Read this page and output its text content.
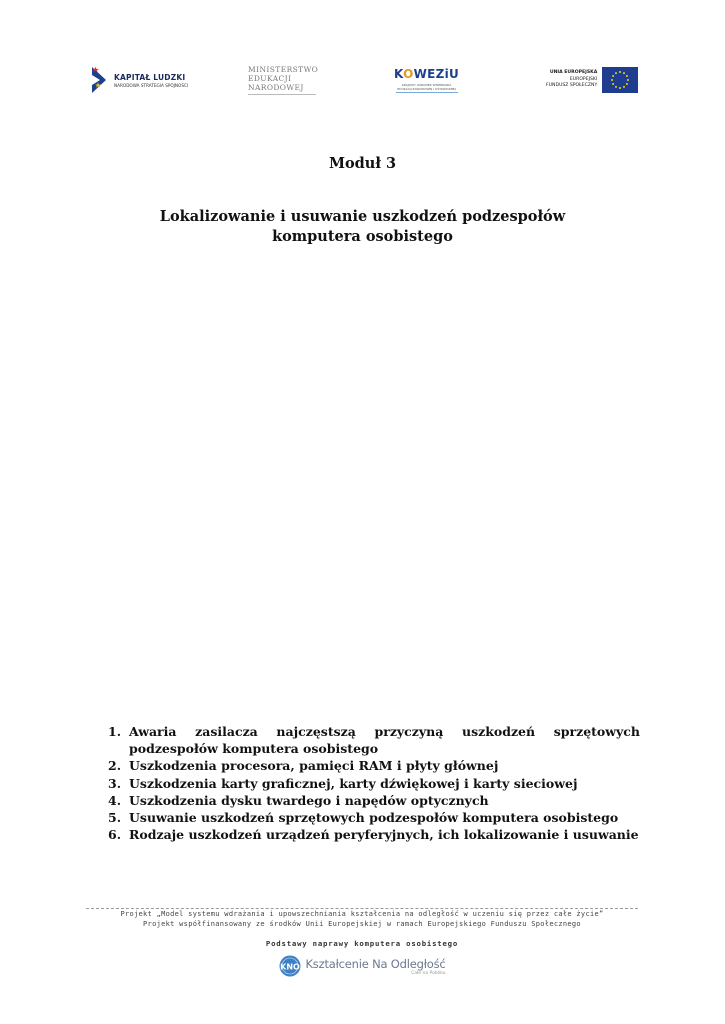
KAPITAŁ LUDZKI
NARODOWA STRATEGIA SPÓJNOŚCI
MINISTERSTWO
EDUKACJI
NARODOWEJ
KOWEZiU
KRAJOWY OŚRODEK WSPIERANIA EDUKACJI ZAWODOWEJ I USTAWICZNEJ
UNIA EUROPEJSKA
EUROPEJSKI
FUNDUSZ SPOŁECZNY
Moduł 3
Lokalizowanie i usuwanie uszkodzeń podzespołów
komputera osobistego
1. Awaria zasilacza najczęstszą przyczyną uszkodzeń sprzętowych podzespołów komputera osobistego
2. Uszkodzenia procesora, pamięci RAM i płyty głównej
3. Uszkodzenia karty graficznej, karty dźwiękowej i karty sieciowej
4. Uszkodzenia dysku twardego i napędów optycznych
5. Usuwanie uszkodzeń sprzętowych podzespołów komputera osobistego
6. Rodzaje uszkodzeń urządzeń peryferyjnych, ich lokalizowanie i usuwanie
Projekt „Model systemu wdrażania i upowszechniania kształcenia na odległość w uczeniu się przez całe życie”
Projekt współfinansowany ze środków Unii Europejskiej w ramach Europejskiego Funduszu Społecznego
Podstawy naprawy komputera osobistego
KNO Kształcenie Na Odległość
Całe na Pobliku
